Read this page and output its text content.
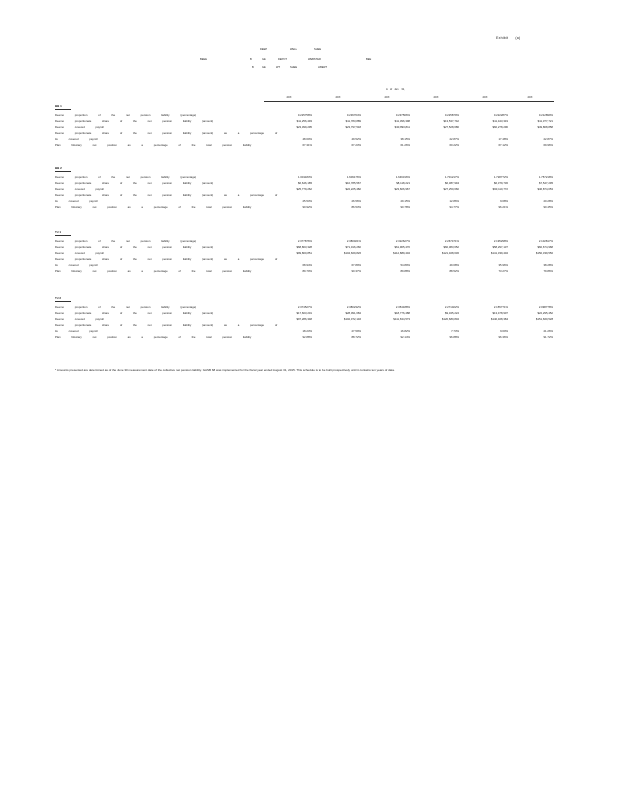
Exhibit (a)
DEEP	WELL	SHEE
BEEE	B	GE	DEPOT	WEBSTER	BEE
B	GE	WT	SHEE	LIBERT
A of Jan 31,
20X	20X	20X	20X	20X	20X
BB 1
Deemo proportion of the net pension liability (percentage)	0.225758%	0.236764%	0.237566%	0.225879%	0.222287%	0.212899%
Deemo proportionate share of the net pension liability (amount)	$11,256,493	$11,783,889	$11,396,398	$13,537,742	$11,443,319	$11,377,721
Deemo covered payroll	$23,399,295	$23,797,518	$30,890,811	$27,528,686	$60,278,296	$49,868,858
Deemo proportionate share of the net pension liability (amount) as a percentage of
its covered payroll	48.60%	49.52%	38.15%	22.87%	17.48%	22.87%
Plan fiduciary net position as a percentage of the total pension liability	67.31%	67.23%	61.26%	60.22%	67.12%	69.96%
BB 2
Deemo proportion of the net pension liability (percentage)	1.601183%	1.609176%	1.646316%	1.701217%	1.728772%	1.757218%
Deemo proportionate share of the net pension liability (amount)	$6,626,185	$10,785,567	$8,118,221	$6,387,994	$6,379,730	$7,527,295
Deemo covered payroll	$25,779,262	$22,225,482	$23,606,967	$27,250,660	$60,110,772	$46,874,053
Deemo proportionate share of the net pension liability (amount) as a percentage of
its covered payroll	25.53%	26.56%	29.15%	12.86%	9.68%	20.28%
Plan fiduciary net position as a percentage of the total pension liability	90.92%	86.53%	90.78%	94.77%	96.21%	90.45%
TJ 1
Deemo proportion of the net pension liability (percentage)	2.377876%	2.380021%	2.322627%	2.267471%	2.195298%	2.102817%
Deemo proportionate share of the net pension liability (amount)	$68,803,328	$71,016,260	$61,965,470	$60,383,652	$58,297,137	$60,674,968
Deemo covered payroll	$99,800,851	$104,609,826	$112,889,402	$121,408,630	$141,339,402	$150,339,550
Deemo proportionate share of the net pension liability (amount) as a percentage of
its covered payroll	68.94%	67.89%	54.89%	49.68%	35.96%	38.28%
Plan fiduciary net position as a percentage of the total pension liability	89.70%	90.37%	89.88%	88.52%	73.27%	79.86%
TJ 2
Deemo proportion of the net pension liability (percentage)	2.374527%	2.380232%	2.354188%	2.271022%	2.155771%	2.098778%
Deemo proportionate share of the net pension liability (amount)	$17,603,201	$28,091,684	$18,776,488	$9,325,222	$13,478,907	$22,295,452
Deemo covered payroll	$97,286,348	$102,072,146	$111,634,573	$120,680,802	$140,408,384	$151,660,528
Deemo proportionate share of the net pension liability (amount) as a percentage of
its covered payroll	18.23%	27.59%	16.82%	7.73%	9.60%	21.26%
Plan fiduciary net position as a percentage of the total pension liability	92.88%	88.72%	92.14%	96.88%	96.36%	91.72%
* Amounts presented are determined as of the June 30 measurement date of the collective net pension liability. GASB 68 was implemented for the fiscal year ended August 31, 2015. This schedule is to be built prospectively until it contains ten years of data.
